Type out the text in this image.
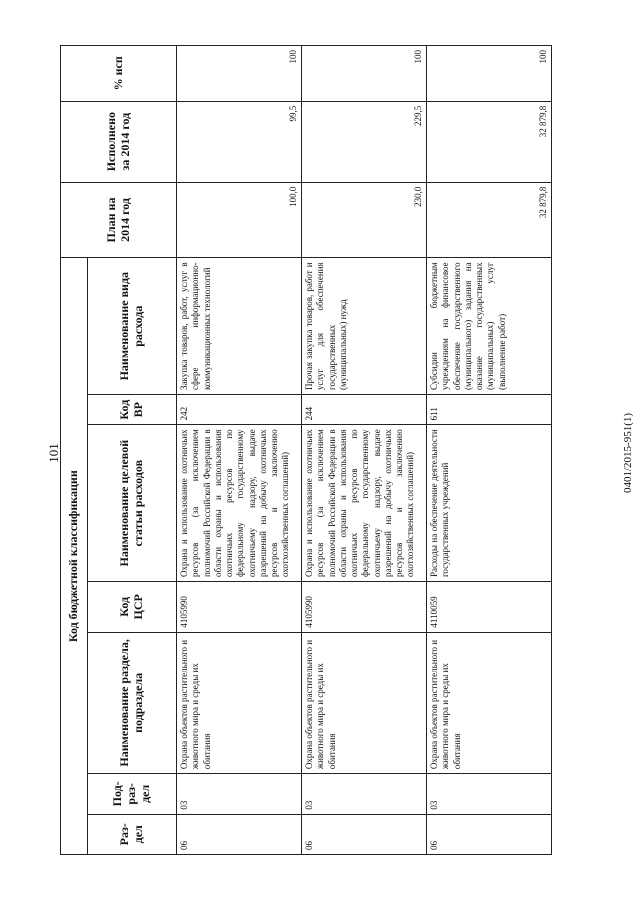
101	0401/2015-951(1)
Код бюджетной классификации							План на 2014 год	Исполнено за 2014 год	% исп
Раз-дел	Под-раз-дел	Наименование раздела, подраздела	Код ЦСР	Наименование целевой статьи расходов	Код ВР	Наименование вида расхода			
06	03	Охрана объектов растительного и животного мира и среды их обитания	4105990	Охрана и использование охотничьих ресурсов (за исключением полномочий Российской Федерации в области охраны и использования охотничьих ресурсов по федеральному государственному охотничьему надзору, выдаче разрешений на добычу охотничьих ресурсов и заключению охотхозяйственных соглашений)	242	Закупка товаров, работ, услуг в сфере информационно-коммуникационных технологий	100,0	99,5	100
06	03	Охрана объектов растительного и животного мира и среды их обитания	4105990	Охрана и использование охотничьих ресурсов (за исключением полномочий Российской Федерации в области охраны и использования охотничьих ресурсов по федеральному государственному охотничьему надзору, выдаче разрешений на добычу охотничьих ресурсов и заключению охотхозяйственных соглашений)	244	Прочая закупка товаров, работ и услуг для обеспечения государственных (муниципальных) нужд	230,0	229,5	100
06	03	Охрана объектов растительного и животного мира и среды их обитания	4110059	Расходы на обеспечение деятельности государственных учреждений	611	Субсидии бюджетным учреждениям на финансовое обеспечение государственного (муниципального) задания на оказание государственных (муниципальных) услуг (выполнение работ)	32 879,8	32 879,8	100
